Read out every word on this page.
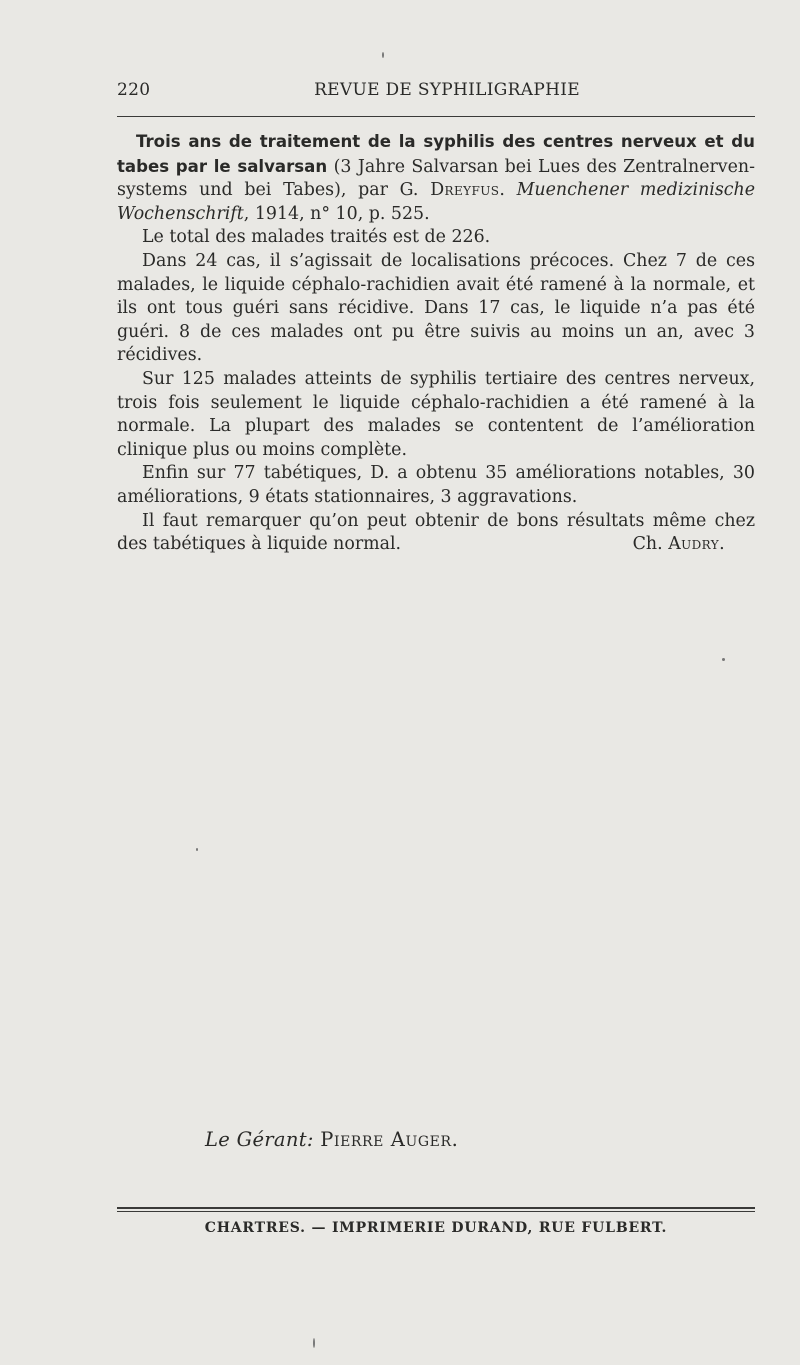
220	REVUE DE SYPHILIGRAPHIE

Trois ans de traitement de la syphilis des centres nerveux et du tabes par le salvarsan (3 Jahre Salvarsan bei Lues des Zentralnerven-systems und bei Tabes), par G. Dreyfus. Muenchener medizinische Wochenschrift, 1914, n° 10, p. 525.

Le total des malades traités est de 226.

Dans 24 cas, il s’agissait de localisations précoces. Chez 7 de ces malades, le liquide céphalo-rachidien avait été ramené à la normale, et ils ont tous guéri sans récidive. Dans 17 cas, le liquide n’a pas été guéri. 8 de ces malades ont pu être suivis au moins un an, avec 3 récidives.

Sur 125 malades atteints de syphilis tertiaire des centres nerveux, trois fois seulement le liquide céphalo-rachidien a été ramené à la normale. La plupart des malades se contentent de l’amélioration clinique plus ou moins complète.

Enfin sur 77 tabétiques, D. a obtenu 35 améliorations notables, 30 améliorations, 9 états stationnaires, 3 aggravations.

Il faut remarquer qu’on peut obtenir de bons résultats même chez des tabétiques à liquide normal.	Ch. Audry.

Le Gérant: Pierre Auger.
CHARTRES. — IMPRIMERIE DURAND, RUE FULBERT.
